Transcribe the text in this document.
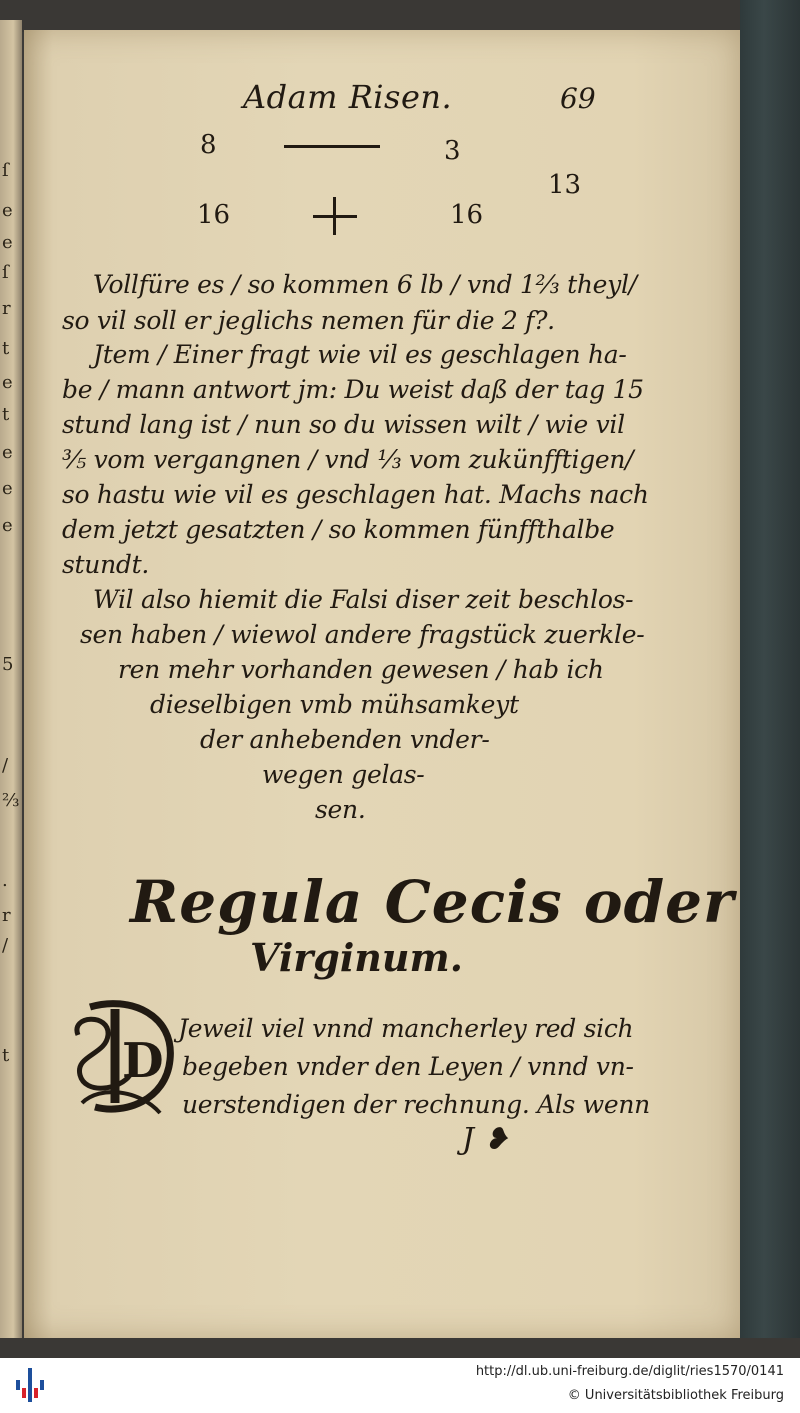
ſ
e
e
ſ
r
t
e
t
e
e
e
5
/
⅔
.
r
/
t
Adam Risen.	69
8	3
13
16	16
Vollfüre es / so kommen 6 lb / vnd 1⅔ theyl/
so vil soll er jeglichs nemen für die 2 f?.
Jtem / Einer fragt wie vil es geschlagen ha-
be / mann antwort jm: Du weist daß der tag 15
stund lang ist / nun so du wissen wilt / wie vil
⅗ vom vergangnen / vnd ⅓ vom zukünfftigen/
so hastu wie vil es geschlagen hat. Machs nach
dem jetzt gesatzten / so kommen fünffthalbe
stundt.
Wil also hiemit die Falsi diser zeit beschlos-
sen haben / wiewol andere fragstück zuerkle-
ren mehr vorhanden gewesen / hab ich
dieselbigen vmb mühsamkeyt
der anhebenden vnder-
wegen gelas-
sen.
Regula Cecis oder
Virginum.
D
Jeweil viel vnnd mancherley red sich
begeben vnder den Leyen / vnnd vn-
uerstendigen der rechnung. Als wenn
J ❥
http://dl.ub.uni-freiburg.de/diglit/ries1570/0141
© Universitätsbibliothek Freiburg
